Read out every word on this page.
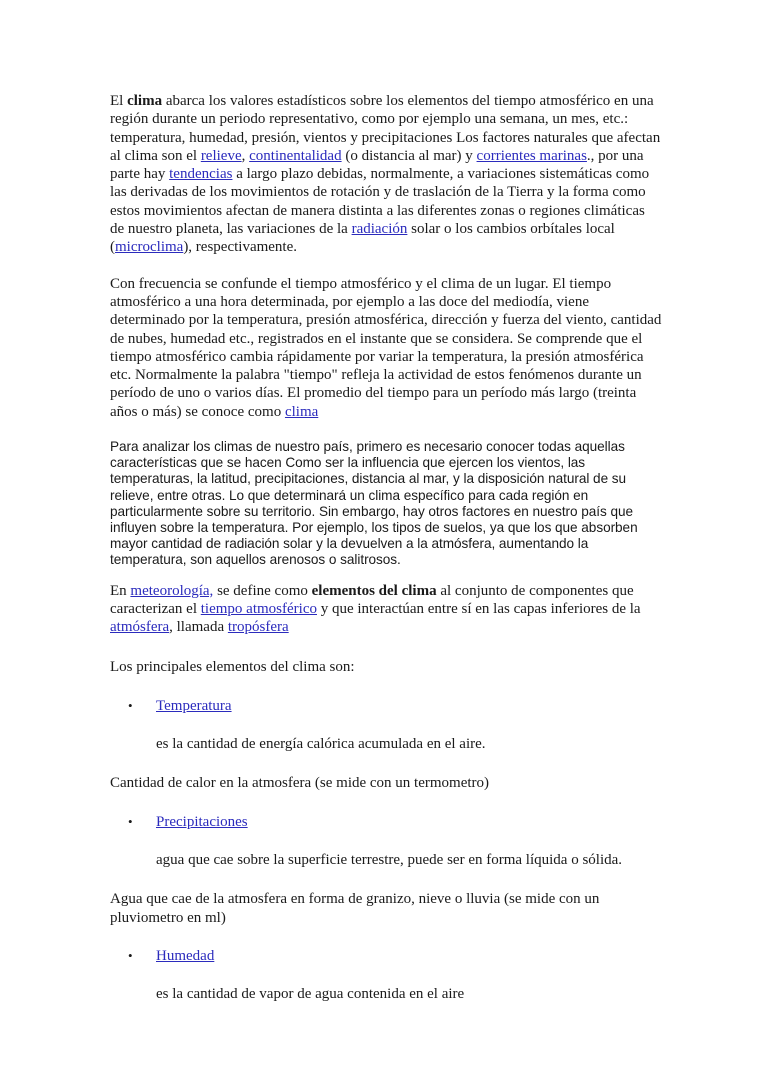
El clima abarca los valores estadísticos sobre los elementos del tiempo atmosférico en una región durante un periodo representativo, como por ejemplo una semana, un mes, etc.: temperatura, humedad, presión, vientos y precipitaciones Los factores naturales que afectan al clima son el relieve, continentalidad (o distancia al mar) y corrientes marinas., por una parte hay tendencias a largo plazo debidas, normalmente, a variaciones sistemáticas como las derivadas de los movimientos de rotación y de traslación de la Tierra y la forma como estos movimientos afectan de manera distinta a las diferentes zonas o regiones climáticas de nuestro planeta, las variaciones de la radiación solar o los cambios orbítales local (microclima), respectivamente.

Con frecuencia se confunde el tiempo atmosférico y el clima de un lugar. El tiempo atmosférico a una hora determinada, por ejemplo a las doce del mediodía, viene determinado por la temperatura, presión atmosférica, dirección y fuerza del viento, cantidad de nubes, humedad etc., registrados en el instante que se considera. Se comprende que el tiempo atmosférico cambia rápidamente por variar la temperatura, la presión atmosférica etc. Normalmente la palabra "tiempo" refleja la actividad de estos fenómenos durante un período de uno o varios días. El promedio del tiempo para un período más largo (treinta años o más) se conoce como clima

Para analizar los climas de nuestro país, primero es necesario conocer todas aquellas características que se hacen Como ser la influencia que ejercen los vientos, las temperaturas, la latitud, precipitaciones, distancia al mar, y la disposición natural de su relieve, entre otras. Lo que determinará un clima específico para cada región en particularmente sobre su territorio. Sin embargo, hay otros factores en nuestro país que influyen sobre la temperatura. Por ejemplo, los tipos de suelos, ya que los que absorben mayor cantidad de radiación solar y la devuelven a la atmósfera, aumentando la temperatura, son aquellos arenosos o salitrosos.

En meteorología, se define como elementos del clima al conjunto de componentes que caracterizan el tiempo atmosférico y que interactúan entre sí en las capas inferiores de la atmósfera, llamada tropósfera

Los principales elementos del clima son:

• Temperatura

es la cantidad de energía calórica acumulada en el aire.

Cantidad de calor en la atmosfera (se mide con un termometro)

• Precipitaciones

agua que cae sobre la superficie terrestre, puede ser en forma líquida o sólida.

Agua que cae de la atmosfera en forma de granizo, nieve o lluvia (se mide con un pluviometro en ml)

• Humedad

es la cantidad de vapor de agua contenida en el aire
